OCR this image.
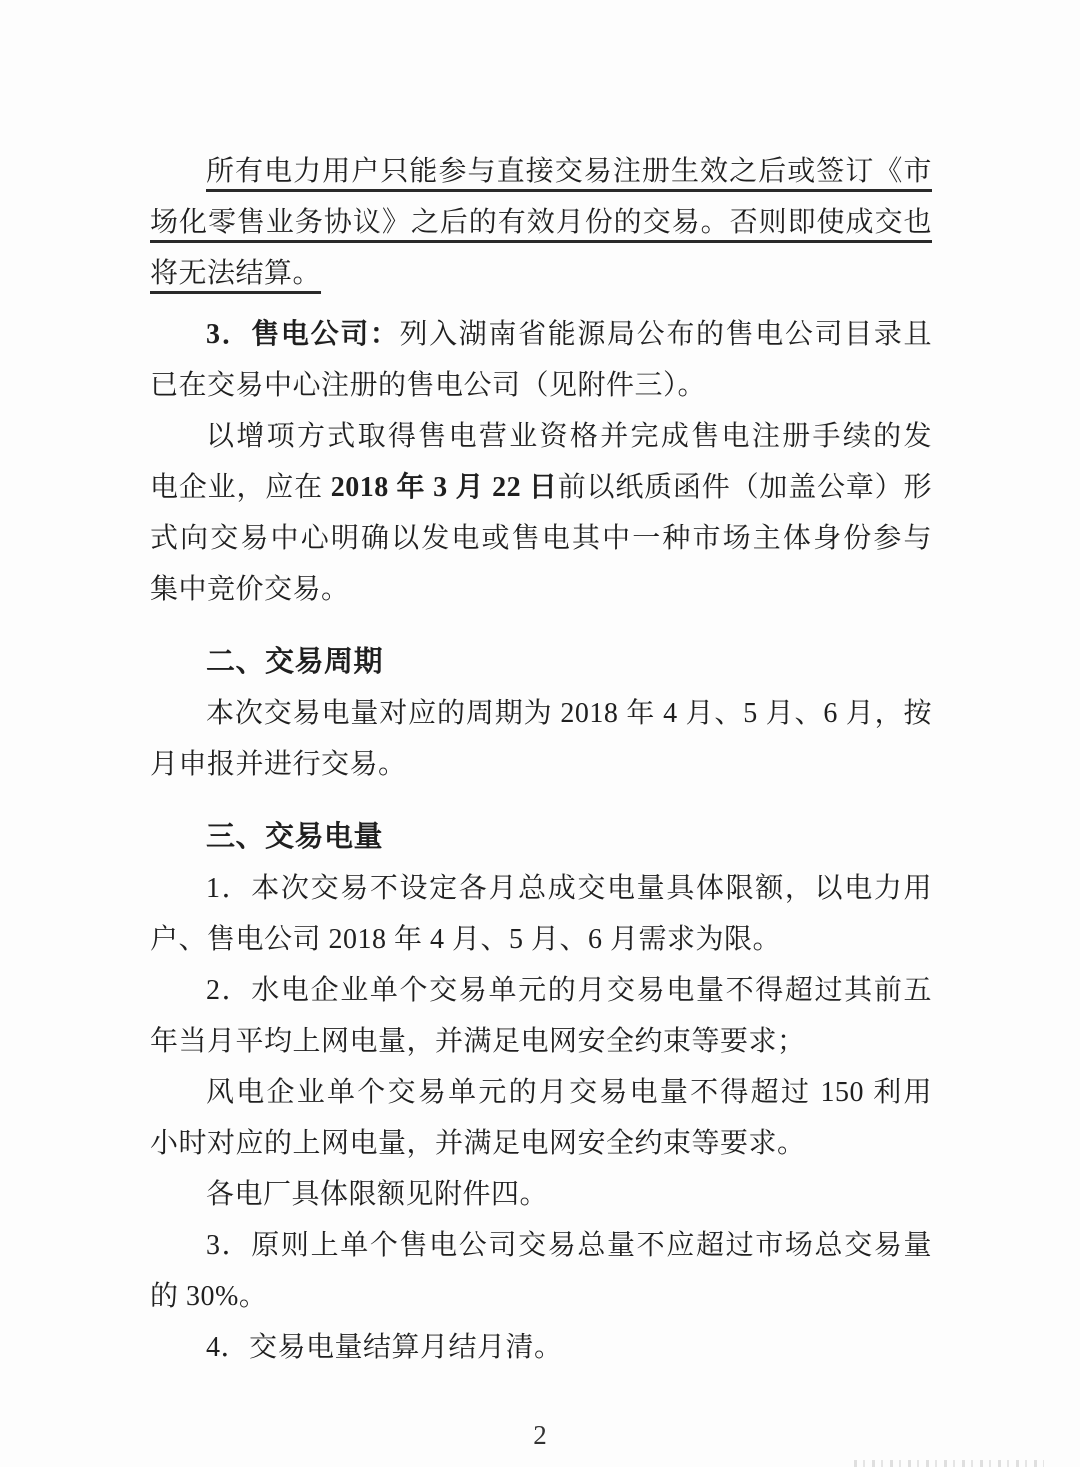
所有电力用户只能参与直接交易注册生效之后或签订《市
场化零售业务协议》之后的有效月份的交易。否则即使成交也
将无法结算。
3．售电公司：列入湖南省能源局公布的售电公司目录且
已在交易中心注册的售电公司（见附件三）。
以增项方式取得售电营业资格并完成售电注册手续的发
电企业，应在 2018 年 3 月 22 日前以纸质函件（加盖公章）形
式向交易中心明确以发电或售电其中一种市场主体身份参与
集中竞价交易。
二、交易周期
本次交易电量对应的周期为 2018 年 4 月、5 月、6 月，按
月申报并进行交易。
三、交易电量
1．本次交易不设定各月总成交电量具体限额，以电力用
户、售电公司 2018 年 4 月、5 月、6 月需求为限。
2．水电企业单个交易单元的月交易电量不得超过其前五
年当月平均上网电量，并满足电网安全约束等要求；
风电企业单个交易单元的月交易电量不得超过 150 利用
小时对应的上网电量，并满足电网安全约束等要求。
各电厂具体限额见附件四。
3．原则上单个售电公司交易总量不应超过市场总交易量
的 30%。
4．交易电量结算月结月清。
2
